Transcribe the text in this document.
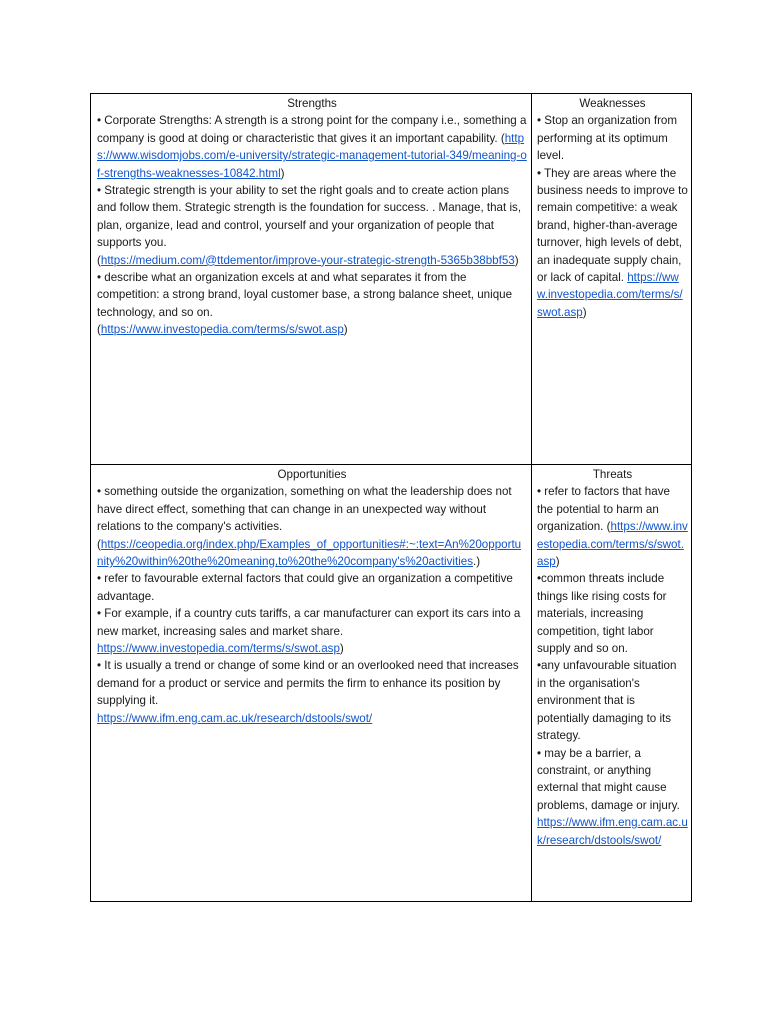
Strengths

• Corporate Strengths: A strength is a strong point for the company i.e., something a company is good at doing or characteristic that gives it an important capability. (https://www.wisdomjobs.com/e-university/strategic-management-tutorial-349/meaning-of-strengths-weaknesses-10842.html)

• Strategic strength is your ability to set the right goals and to create action plans and follow them. Strategic strength is the foundation for success. . Manage, that is, plan, organize, lead and control, yourself and your organization of people that supports you.
(https://medium.com/@ttdementor/improve-your-strategic-strength-5365b38bbf53)

• describe what an organization excels at and what separates it from the competition: a strong brand, loyal customer base, a strong balance sheet, unique technology, and so on.
(https://www.investopedia.com/terms/s/swot.asp)

Weaknesses

• Stop an organization from performing at its optimum level.

• They are areas where the business needs to improve to remain competitive: a weak brand, higher-than-average turnover, high levels of debt, an inadequate supply chain, or lack of capital. https://www.investopedia.com/terms/s/swot.asp)

Opportunities

• something outside the organization, something on what the leadership does not have direct effect, something that can change in an unexpected way without relations to the company's activities.
(https://ceopedia.org/index.php/Examples_of_opportunities#:~:text=An%20opportunity%20within%20the%20meaning,to%20the%20company's%20activities.)

• refer to favourable external factors that could give an organization a competitive advantage.

• For example, if a country cuts tariffs, a car manufacturer can export its cars into a new market, increasing sales and market share.
https://www.investopedia.com/terms/s/swot.asp)

• It is usually a trend or change of some kind or an overlooked need that increases demand for a product or service and permits the firm to enhance its position by supplying it.
https://www.ifm.eng.cam.ac.uk/research/dstools/swot/

Threats

• refer to factors that have the potential to harm an organization. (https://www.investopedia.com/terms/s/swot.asp)

•common threats include things like rising costs for materials, increasing competition, tight labor supply and so on.

•any unfavourable situation in the organisation's environment that is potentially damaging to its strategy.

• may be a barrier, a constraint, or anything external that might cause problems, damage or injury. https://www.ifm.eng.cam.ac.uk/research/dstools/swot/
